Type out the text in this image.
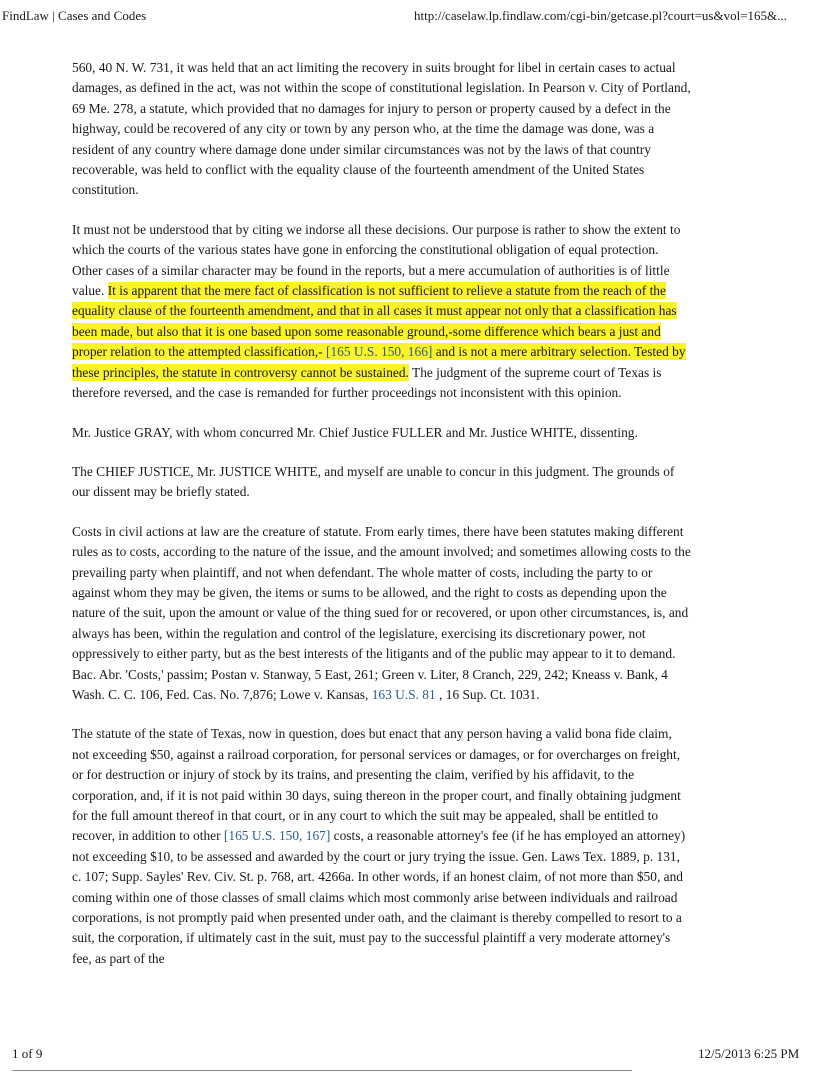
FindLaw | Cases and Codes	http://caselaw.lp.findlaw.com/cgi-bin/getcase.pl?court=us&vol=165&...

560, 40 N. W. 731, it was held that an act limiting the recovery in suits brought for libel in certain cases to actual damages, as defined in the act, was not within the scope of constitutional legislation. In Pearson v. City of Portland, 69 Me. 278, a statute, which provided that no damages for injury to person or property caused by a defect in the highway, could be recovered of any city or town by any person who, at the time the damage was done, was a resident of any country where damage done under similar circumstances was not by the laws of that country recoverable, was held to conflict with the equality clause of the fourteenth amendment of the United States constitution.

It must not be understood that by citing we indorse all these decisions. Our purpose is rather to show the extent to which the courts of the various states have gone in enforcing the constitutional obligation of equal protection. Other cases of a similar character may be found in the reports, but a mere accumulation of authorities is of little value. It is apparent that the mere fact of classification is not sufficient to relieve a statute from the reach of the equality clause of the fourteenth amendment, and that in all cases it must appear not only that a classification has been made, but also that it is one based upon some reasonable ground,-some difference which bears a just and proper relation to the attempted classification,- [165 U.S. 150, 166] and is not a mere arbitrary selection. Tested by these principles, the statute in controversy cannot be sustained. The judgment of the supreme court of Texas is therefore reversed, and the case is remanded for further proceedings not inconsistent with this opinion.

Mr. Justice GRAY, with whom concurred Mr. Chief Justice FULLER and Mr. Justice WHITE, dissenting.

The CHIEF JUSTICE, Mr. JUSTICE WHITE, and myself are unable to concur in this judgment. The grounds of our dissent may be briefly stated.

Costs in civil actions at law are the creature of statute. From early times, there have been statutes making different rules as to costs, according to the nature of the issue, and the amount involved; and sometimes allowing costs to the prevailing party when plaintiff, and not when defendant. The whole matter of costs, including the party to or against whom they may be given, the items or sums to be allowed, and the right to costs as depending upon the nature of the suit, upon the amount or value of the thing sued for or recovered, or upon other circumstances, is, and always has been, within the regulation and control of the legislature, exercising its discretionary power, not oppressively to either party, but as the best interests of the litigants and of the public may appear to it to demand. Bac. Abr. 'Costs,' passim; Postan v. Stanway, 5 East, 261; Green v. Liter, 8 Cranch, 229, 242; Kneass v. Bank, 4 Wash. C. C. 106, Fed. Cas. No. 7,876; Lowe v. Kansas, 163 U.S. 81 , 16 Sup. Ct. 1031.

The statute of the state of Texas, now in question, does but enact that any person having a valid bona fide claim, not exceeding $50, against a railroad corporation, for personal services or damages, or for overcharges on freight, or for destruction or injury of stock by its trains, and presenting the claim, verified by his affidavit, to the corporation, and, if it is not paid within 30 days, suing thereon in the proper court, and finally obtaining judgment for the full amount thereof in that court, or in any court to which the suit may be appealed, shall be entitled to recover, in addition to other [165 U.S. 150, 167] costs, a reasonable attorney's fee (if he has employed an attorney) not exceeding $10, to be assessed and awarded by the court or jury trying the issue. Gen. Laws Tex. 1889, p. 131, c. 107; Supp. Sayles' Rev. Civ. St. p. 768, art. 4266a. In other words, if an honest claim, of not more than $50, and coming within one of those classes of small claims which most commonly arise between individuals and railroad corporations, is not promptly paid when presented under oath, and the claimant is thereby compelled to resort to a suit, the corporation, if ultimately cast in the suit, must pay to the successful plaintiff a very moderate attorney's fee, as part of the

1 of 9	12/5/2013 6:25 PM
